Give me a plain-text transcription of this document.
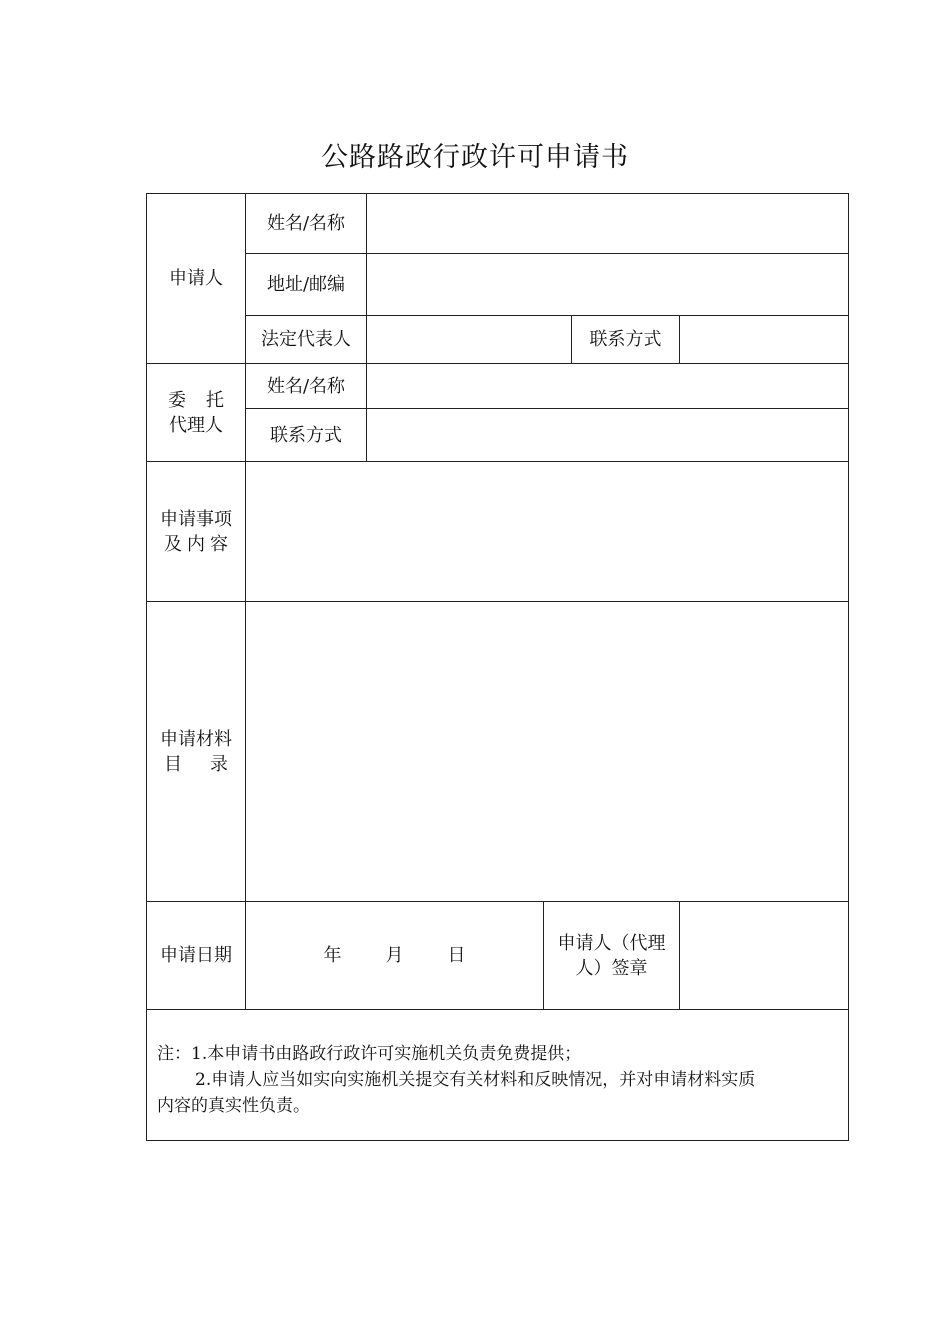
公路路政行政许可申请书
申请人
姓名/名称
地址/邮编
法定代表人	联系方式
委 托
代理人
姓名/名称
联系方式
申请事项
及 内 容
申请材料
目 录
申请日期	年 月 日
申请人（代理
人）签章
注：1.本申请书由路政行政许可实施机关负责免费提供；
2.申请人应当如实向实施机关提交有关材料和反映情况，并对申请材料实质
内容的真实性负责。
